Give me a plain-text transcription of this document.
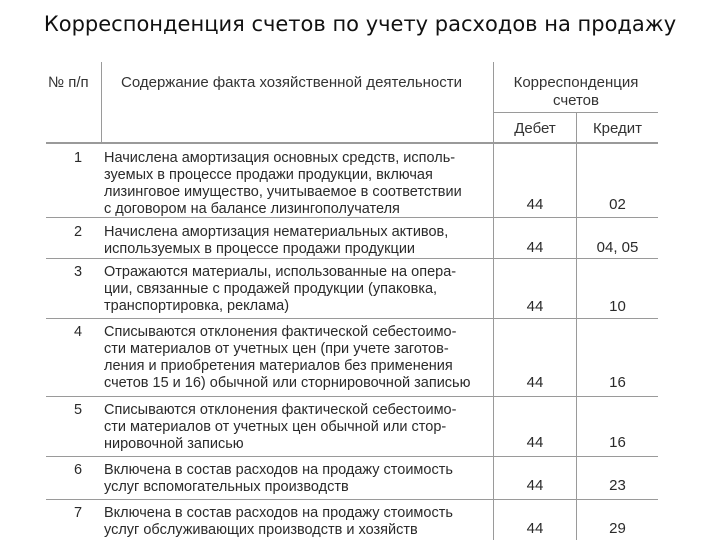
Корреспонденция счетов по учету расходов на продажу
№ п/п Содержание факта хозяйственной деятельности	Корреспонденция
счетов
Дебет	Кредит
1 Начислена амортизация основных средств, исполь-
зуемых в процессе продажи продукции, включая
лизинговое имущество, учитываемое в соответствии
с договором на балансе лизингополучателя	44	02
2 Начислена амортизация нематериальных активов,
используемых в процессе продажи продукции	44	04, 05
3 Отражаются материалы, использованные на опера-
ции, связанные с продажей продукции (упаковка,
транспортировка, реклама)	44	10
4 Списываются отклонения фактической себестоимо-
сти материалов от учетных цен (при учете заготов-
ления и приобретения материалов без применения
счетов 15 и 16) обычной или сторнировочной записью	44	16
5 Списываются отклонения фактической себестоимо-
сти материалов от учетных цен обычной или стор-
нировочной записью	44	16
6 Включена в состав расходов на продажу стоимость
услуг вспомогательных производств	44	23
7 Включена в состав расходов на продажу стоимость
услуг обслуживающих производств и хозяйств	44	29
